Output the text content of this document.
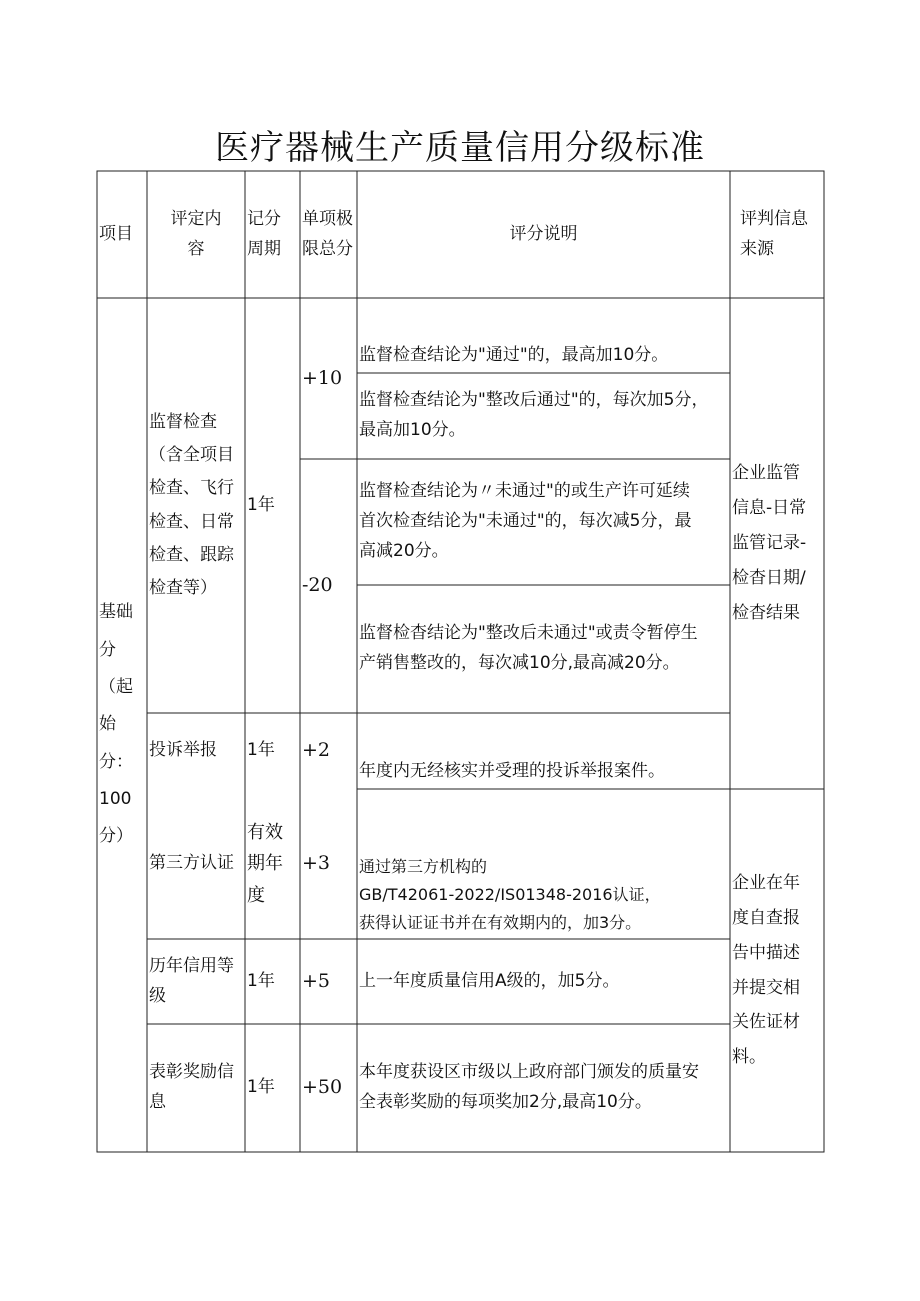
医疗器械生产质量信用分级标准
项目
评定内
容
记分
周期
单项极
限总分
评分说明
评判信息
来源
基础
分
（起
始
分：
100
分）
监督检查
（含全项目
检查、飞行
检查、日常
检查、跟踪
检查等）
1年
+10
-20
监督检查结论为"通过"的，最高加10分。
监督检查结论为"整改后通过"的，每次加5分，
最高加10分。
监督检查结论为〃未通过"的或生产许可延续
首次检查结论为"未通过"的，每次减5分，最
高减20分。
监督检杳结论为"整改后未通过"或责令暂停生
产销售整改的，每次减10分,最高减20分。
投诉举报 1年 +2
年度内无经核实并受理的投诉举报案件。
第三方认证
有效
期年
度
+3 通过第三方机构的
GB/T42061-2022/IS01348-2016认证，
获得认证证书并在有效期内的，加3分。
历年信用等
级
1年 +5 上一年度质量信用A级的，加5分。
表彰奖励信
息
1年 +50
本年度获设区市级以上政府部门颁发的质量安
全表彰奖励的每项奖加2分,最高10分。
企业监管
信息-日常
监管记录-
检杳日期/
检杳结果
企业在年
度自查报
告中描述
并提交相
关佐证材
料。
